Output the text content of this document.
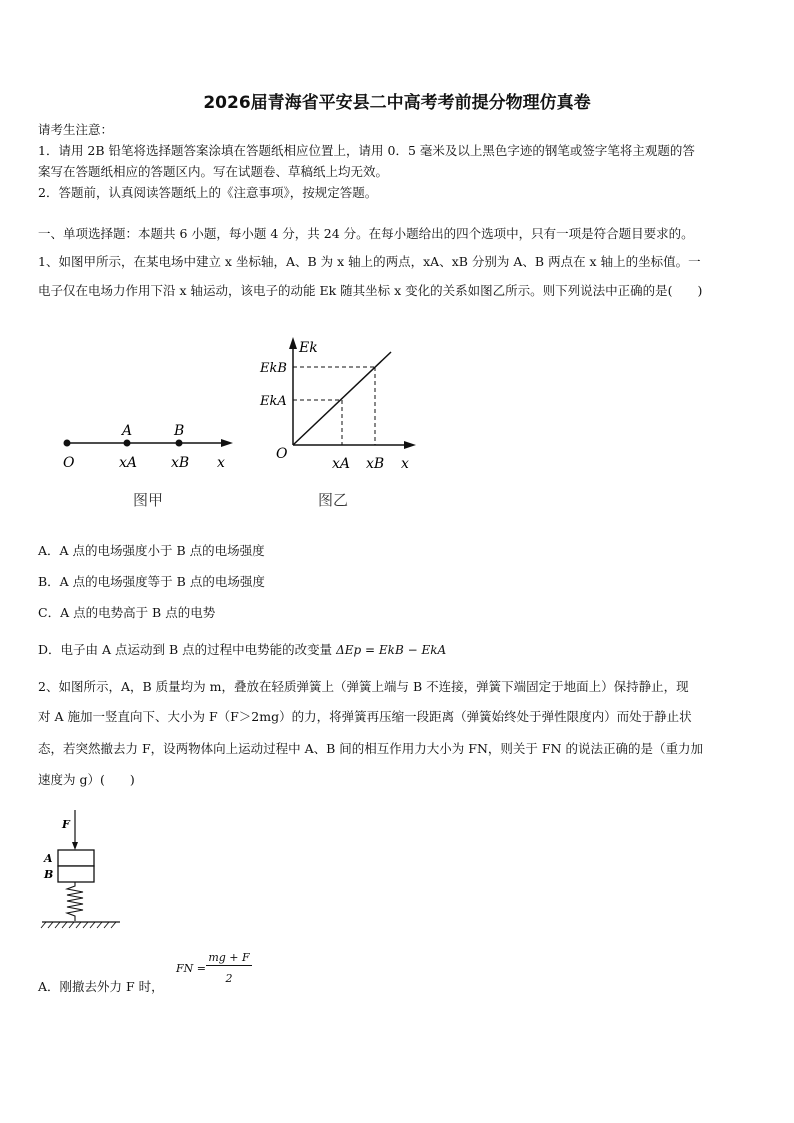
2026届青海省平安县二中高考考前提分物理仿真卷
请考生注意：
1．请用 2B 铅笔将选择题答案涂填在答题纸相应位置上，请用 0．5 毫米及以上黑色字迹的钢笔或签字笔将主观题的答
案写在答题纸相应的答题区内。写在试题卷、草稿纸上均无效。
2．答题前，认真阅读答题纸上的《注意事项》，按规定答题。
一、单项选择题：本题共 6 小题，每小题 4 分，共 24 分。在每小题给出的四个选项中，只有一项是符合题目要求的。
1、如图甲所示，在某电场中建立 x 坐标轴，A、B 为 x 轴上的两点，xA、xB 分别为 A、B 两点在 x 轴上的坐标值。一
电子仅在电场力作用下沿 x 轴运动，该电子的动能 Ek 随其坐标 x 变化的关系如图乙所示。则下列说法中正确的是(　　)
A	B
O	xA xB x
图甲
Ek
EkB
EkA
O
xA xB x
图乙
A．A 点的电场强度小于 B 点的电场强度
B．A 点的电场强度等于 B 点的电场强度
C．A 点的电势高于 B 点的电势
D．电子由 A 点运动到 B 点的过程中电势能的改变量 ΔEp = EkB − EkA
2、如图所示，A，B 质量均为 m，叠放在轻质弹簧上（弹簧上端与 B 不连接，弹簧下端固定于地面上）保持静止，现
对 A 施加一竖直向下、大小为 F（F＞2mg）的力，将弹簧再压缩一段距离（弹簧始终处于弹性限度内）而处于静止状
态，若突然撤去力 F，设两物体向上运动过程中 A、B 间的相互作用力大小为 FN，则关于 FN 的说法正确的是（重力加
速度为 g）(　　)
F
A
B
A．刚撤去外力 F 时，
FN =
mg + F
2
